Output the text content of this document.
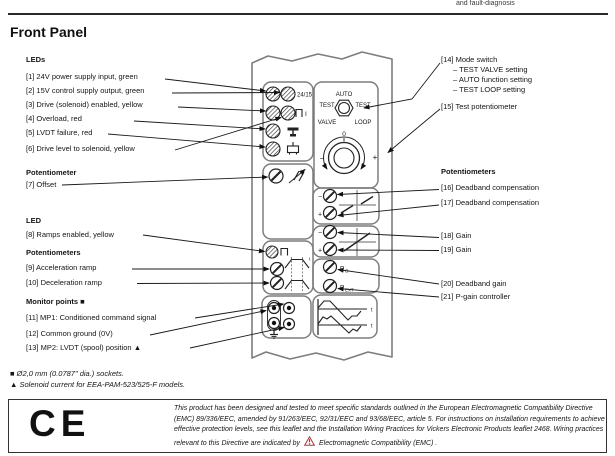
and fault-diagnosis
Front Panel
24/15
I
AUTO
TEST
VALVE
TEST
LOOP
0
−	+
t
−
+
−
+
P O
P EXT
t
t
LEDs
[1] 24V power supply input, green
[2] 15V control supply output, green
[3] Drive (solenoid) enabled, yellow
[4] Overload, red
[5] LVDT failure, red
[6] Drive level to solenoid, yellow
Potentiometer
[7] Offset
LED
[8] Ramps enabled, yellow
Potentiometers
[9] Acceleration ramp
[10] Deceleration ramp
Monitor points ■
[11] MP1: Conditioned command signal
[12] Common ground (0V)
[13] MP2: LVDT (spool) position ▲
[14] Mode switch
– TEST VALVE setting
– AUTO function setting
– TEST LOOP setting
[15] Test potentiometer
Potentiometers
[16] Deadband compensation
[17] Deadband compensation
[18] Gain
[19] Gain
[20] Deadband gain
[21] P-gain controller
■ Ø2,0 mm (0.0787" dia.) sockets.
▲ Solenoid current for EEA-PAM-523/525-F models.
CE	This product has been designed and tested to meet specific standards outlined in the European Electromagnetic Compatibility Directive (EMC) 89/336/EEC, amended by 91/263/EEC, 92/31/EEC and 93/68/EEC, article 5. For instructions on installation requirements to achieve effective protection levels, see this leaflet and the Installation Wiring Practices for Vickers Electronic Products leaflet 2468. Wiring practices relevant to this Directive are indicated by	Electromagnetic Compatibility (EMC) .
